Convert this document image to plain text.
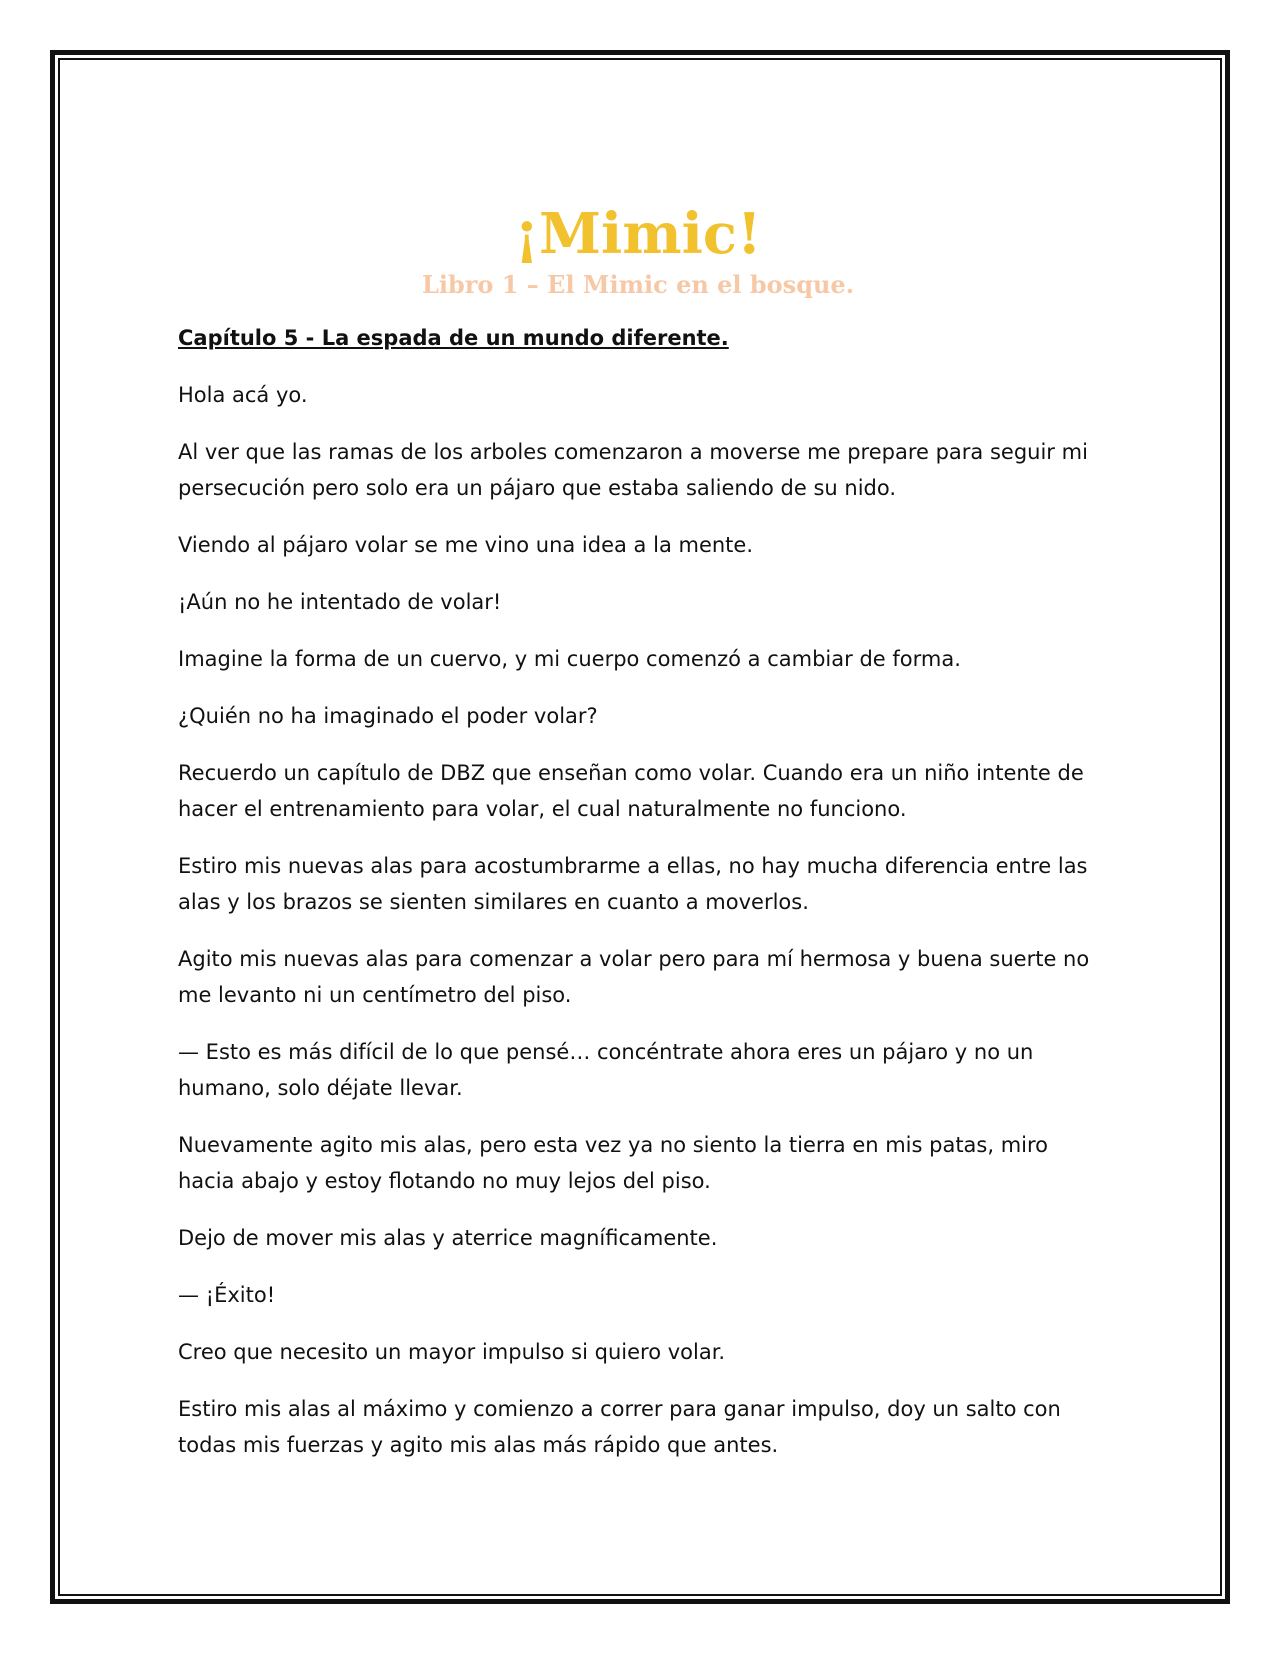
¡Mimic!
Libro 1 – El Mimic en el bosque.
Capítulo 5 - La espada de un mundo diferente.

Hola acá yo.

Al ver que las ramas de los arboles comenzaron a moverse me prepare para seguir mi persecución pero solo era un pájaro que estaba saliendo de su nido.

Viendo al pájaro volar se me vino una idea a la mente.

¡Aún no he intentado de volar!

Imagine la forma de un cuervo, y mi cuerpo comenzó a cambiar de forma.

¿Quién no ha imaginado el poder volar?

Recuerdo un capítulo de DBZ que enseñan como volar. Cuando era un niño intente de hacer el entrenamiento para volar, el cual naturalmente no funciono.

Estiro mis nuevas alas para acostumbrarme a ellas, no hay mucha diferencia entre las alas y los brazos se sienten similares en cuanto a moverlos.

Agito mis nuevas alas para comenzar a volar pero para mí hermosa y buena suerte no me levanto ni un centímetro del piso.

— Esto es más difícil de lo que pensé… concéntrate ahora eres un pájaro y no un humano, solo déjate llevar.

Nuevamente agito mis alas, pero esta vez ya no siento la tierra en mis patas, miro hacia abajo y estoy flotando no muy lejos del piso.

Dejo de mover mis alas y aterrice magníficamente.

— ¡Éxito!

Creo que necesito un mayor impulso si quiero volar.

Estiro mis alas al máximo y comienzo a correr para ganar impulso, doy un salto con todas mis fuerzas y agito mis alas más rápido que antes.
